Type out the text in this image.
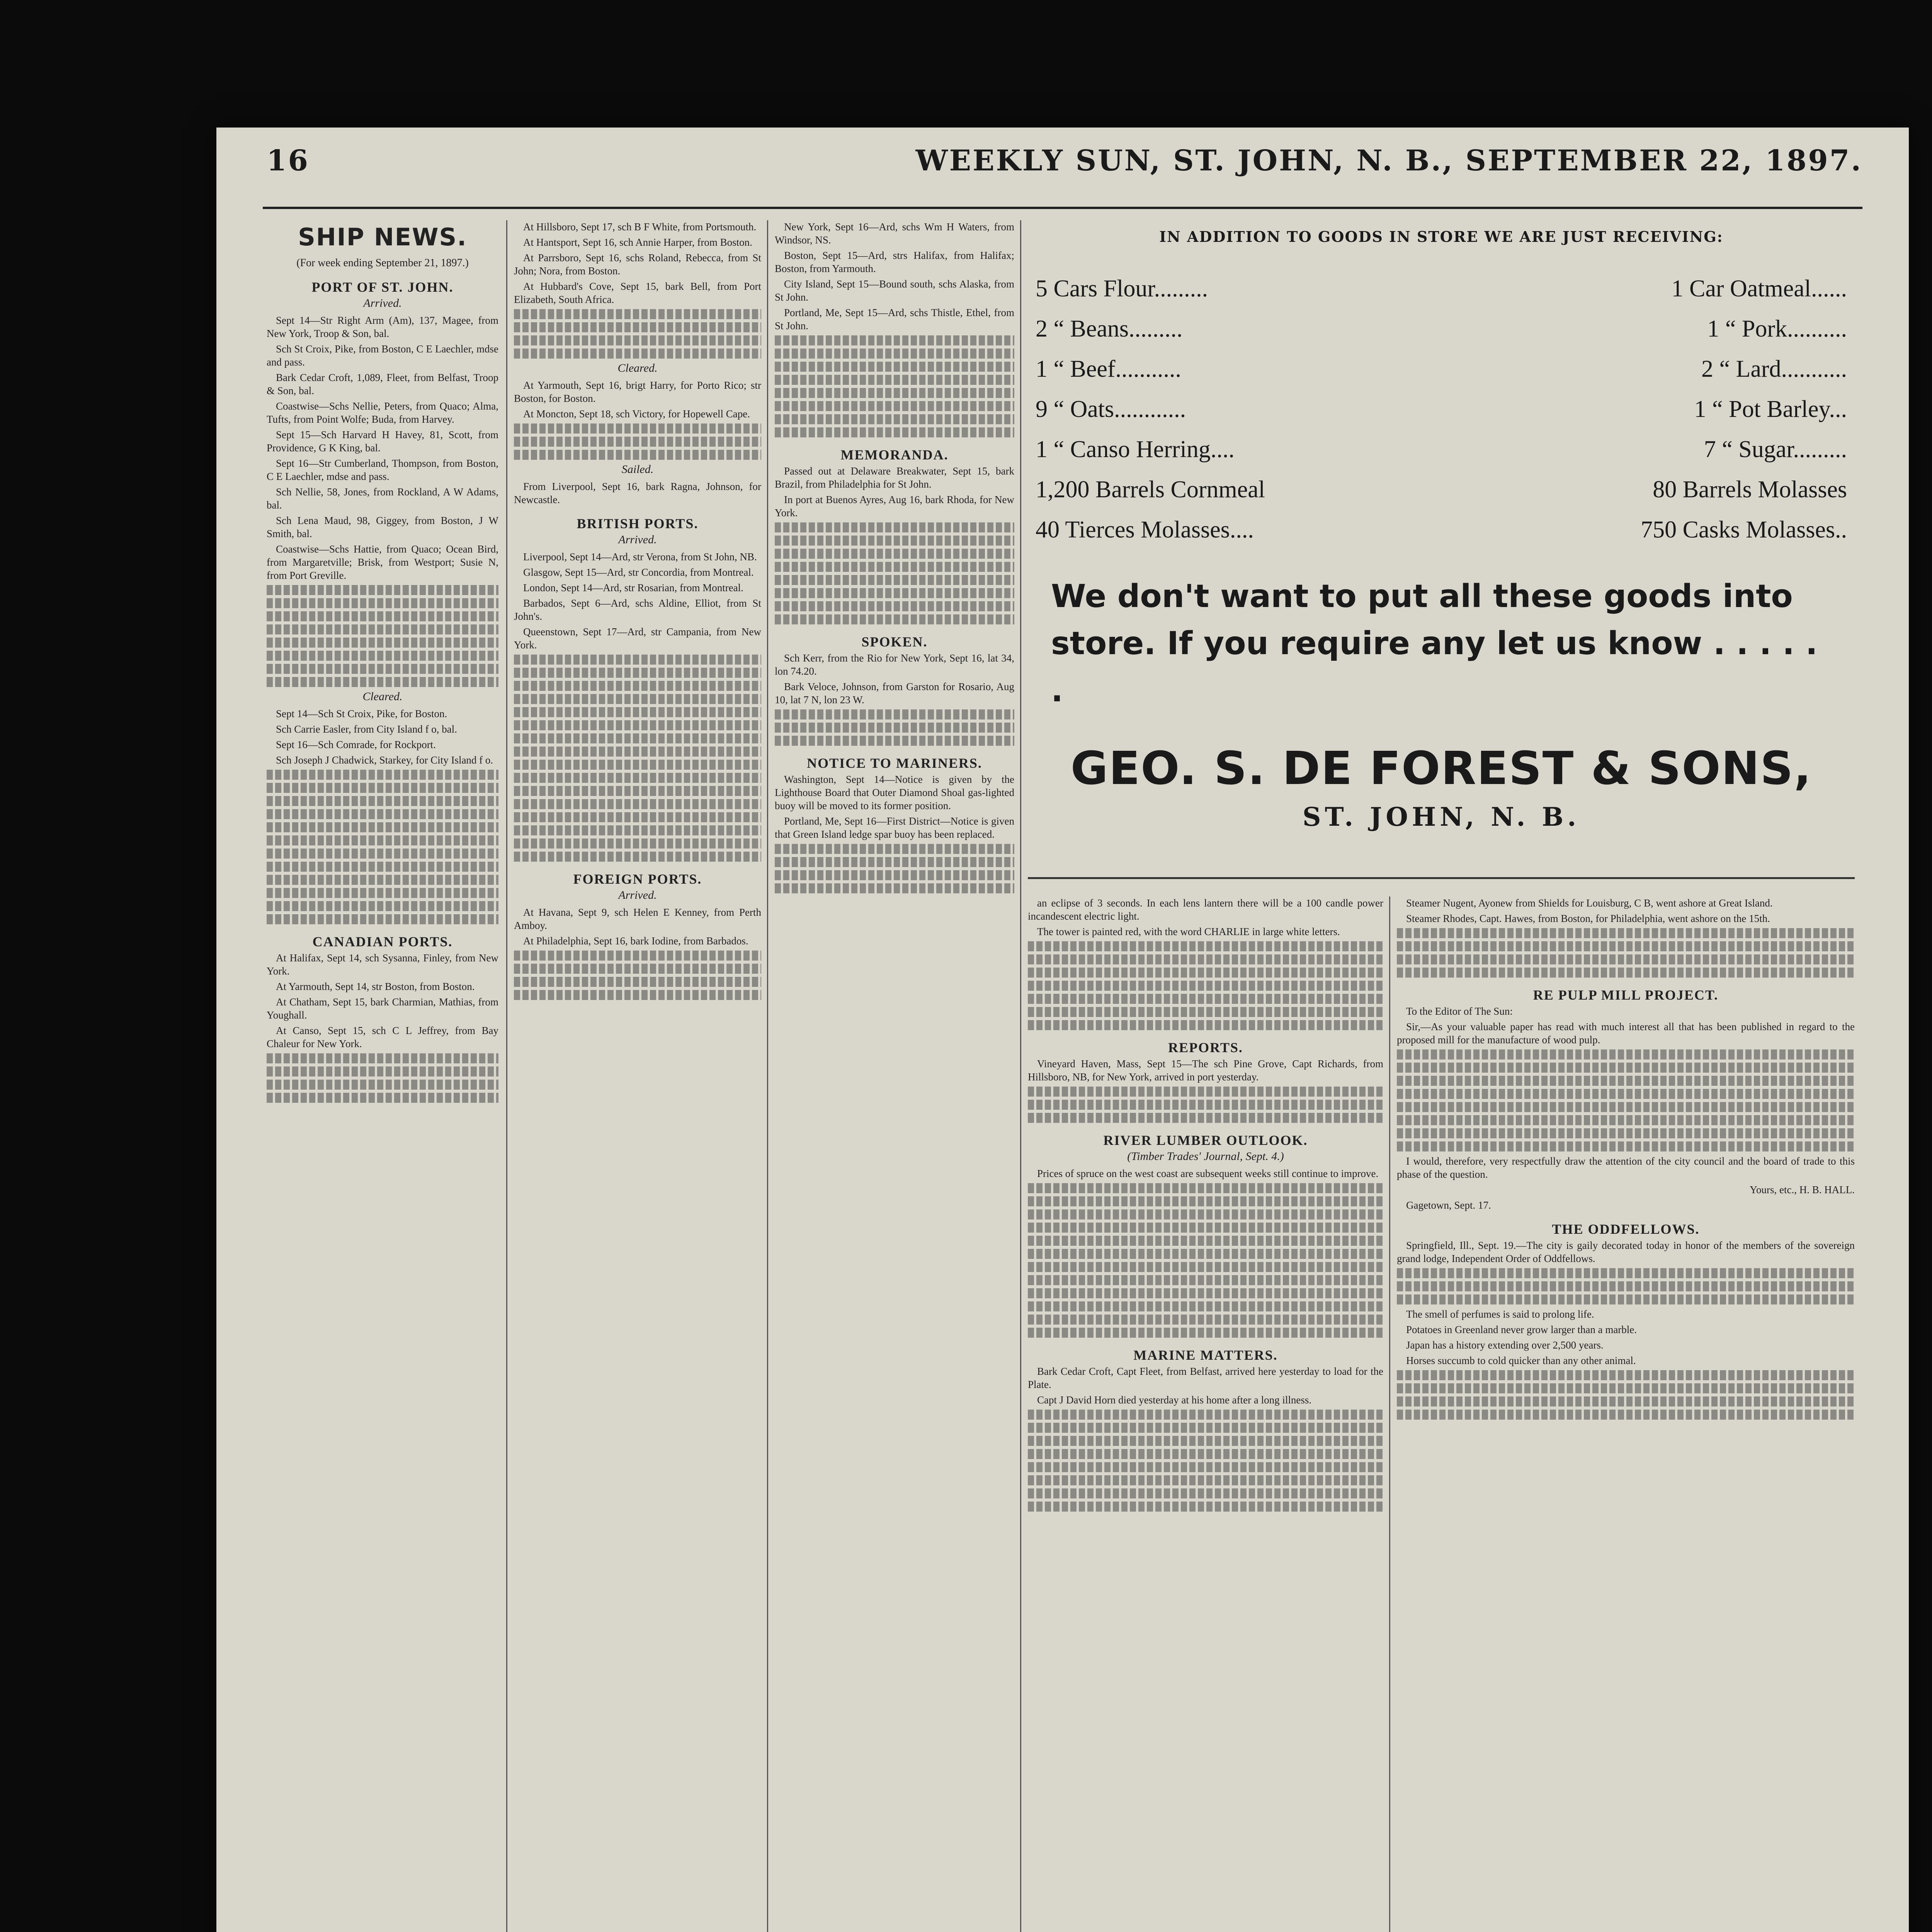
16	WEEKLY SUN, ST. JOHN, N. B., SEPTEMBER 22, 1897.
SHIP NEWS.
(For week ending September 21, 1897.)
PORT OF ST. JOHN.
Arrived.

Sept 14—Str Right Arm (Am), 137, Magee, from New York, Troop & Son, bal.

Sch St Croix, Pike, from Boston, C E Laechler, mdse and pass.

Bark Cedar Croft, 1,089, Fleet, from Belfast, Troop & Son, bal.

Coastwise—Schs Nellie, Peters, from Quaco; Alma, Tufts, from Point Wolfe; Buda, from Harvey.

Sept 15—Sch Harvard H Havey, 81, Scott, from Providence, G K King, bal.

Sept 16—Str Cumberland, Thompson, from Boston, C E Laechler, mdse and pass.

Sch Nellie, 58, Jones, from Rockland, A W Adams, bal.

Sch Lena Maud, 98, Giggey, from Boston, J W Smith, bal.

Coastwise—Schs Hattie, from Quaco; Ocean Bird, from Margaretville; Brisk, from Westport; Susie N, from Port Greville.

Cleared.

Sept 14—Sch St Croix, Pike, for Boston.

Sch Carrie Easler, from City Island f o, bal.

Sept 16—Sch Comrade, for Rockport.

Sch Joseph J Chadwick, Starkey, for City Island f o.

CANADIAN PORTS.

At Halifax, Sept 14, sch Sysanna, Finley, from New York.

At Yarmouth, Sept 14, str Boston, from Boston.

At Chatham, Sept 15, bark Charmian, Mathias, from Youghall.

At Canso, Sept 15, sch C L Jeffrey, from Bay Chaleur for New York.

At Hillsboro, Sept 17, sch B F White, from Portsmouth.

At Hantsport, Sept 16, sch Annie Harper, from Boston.

At Parrsboro, Sept 16, schs Roland, Rebecca, from St John; Nora, from Boston.

At Hubbard's Cove, Sept 15, bark Bell, from Port Elizabeth, South Africa.

Cleared.

At Yarmouth, Sept 16, brigt Harry, for Porto Rico; str Boston, for Boston.

At Moncton, Sept 18, sch Victory, for Hopewell Cape.

Sailed.

From Liverpool, Sept 16, bark Ragna, Johnson, for Newcastle.

BRITISH PORTS.
Arrived.

Liverpool, Sept 14—Ard, str Verona, from St John, NB.

Glasgow, Sept 15—Ard, str Concordia, from Montreal.

London, Sept 14—Ard, str Rosarian, from Montreal.

Barbados, Sept 6—Ard, schs Aldine, Elliot, from St John's.

Queenstown, Sept 17—Ard, str Campania, from New York.

FOREIGN PORTS.
Arrived.

At Havana, Sept 9, sch Helen E Kenney, from Perth Amboy.

At Philadelphia, Sept 16, bark Iodine, from Barbados.

New York, Sept 16—Ard, schs Wm H Waters, from Windsor, NS.

Boston, Sept 15—Ard, strs Halifax, from Halifax; Boston, from Yarmouth.

City Island, Sept 15—Bound south, schs Alaska, from St John.

Portland, Me, Sept 15—Ard, schs Thistle, Ethel, from St John.

MEMORANDA.

Passed out at Delaware Breakwater, Sept 15, bark Brazil, from Philadelphia for St John.

In port at Buenos Ayres, Aug 16, bark Rhoda, for New York.

SPOKEN.

Sch Kerr, from the Rio for New York, Sept 16, lat 34, lon 74.20.

Bark Veloce, Johnson, from Garston for Rosario, Aug 10, lat 7 N, lon 23 W.

NOTICE TO MARINERS.

Washington, Sept 14—Notice is given by the Lighthouse Board that Outer Diamond Shoal gas-lighted buoy will be moved to its former position.

Portland, Me, Sept 16—First District—Notice is given that Green Island ledge spar buoy has been replaced.

IN ADDITION TO GOODS IN STORE WE ARE JUST RECEIVING:
5 Cars Flour.........	1 Car Oatmeal......
2 “ Beans.........	1 “ Pork..........
1 “ Beef...........	2 “ Lard...........
9 “ Oats............	1 “ Pot Barley...
1 “ Canso Herring....	7 “ Sugar.........
1,200 Barrels Cornmeal	80 Barrels Molasses
40 Tierces Molasses....	750 Casks Molasses..
We don't want to put all these goods into store. If you require any let us know . . . . . .
GEO. S. DE FOREST & SONS,
ST. JOHN, N. B.

an eclipse of 3 seconds. In each lens lantern there will be a 100 candle power incandescent electric light.

The tower is painted red, with the word CHARLIE in large white letters.

REPORTS.

Vineyard Haven, Mass, Sept 15—The sch Pine Grove, Capt Richards, from Hillsboro, NB, for New York, arrived in port yesterday.

RIVER LUMBER OUTLOOK.
(Timber Trades' Journal, Sept. 4.)

Prices of spruce on the west coast are subsequent weeks still continue to improve.

MARINE MATTERS.

Bark Cedar Croft, Capt Fleet, from Belfast, arrived here yesterday to load for the Plate.

Capt J David Horn died yesterday at his home after a long illness.

Steamer Nugent, Ayonew from Shields for Louisburg, C B, went ashore at Great Island.

Steamer Rhodes, Capt. Hawes, from Boston, for Philadelphia, went ashore on the 15th.

RE PULP MILL PROJECT.

To the Editor of The Sun:

Sir,—As your valuable paper has read with much interest all that has been published in regard to the proposed mill for the manufacture of wood pulp.

I would, therefore, very respectfully draw the attention of the city council and the board of trade to this phase of the question.

Yours, etc., H. B. HALL.

Gagetown, Sept. 17.

THE ODDFELLOWS.

Springfield, Ill., Sept. 19.—The city is gaily decorated today in honor of the members of the sovereign grand lodge, Independent Order of Oddfellows.

The smell of perfumes is said to prolong life.

Potatoes in Greenland never grow larger than a marble.

Japan has a history extending over 2,500 years.

Horses succumb to cold quicker than any other animal.
